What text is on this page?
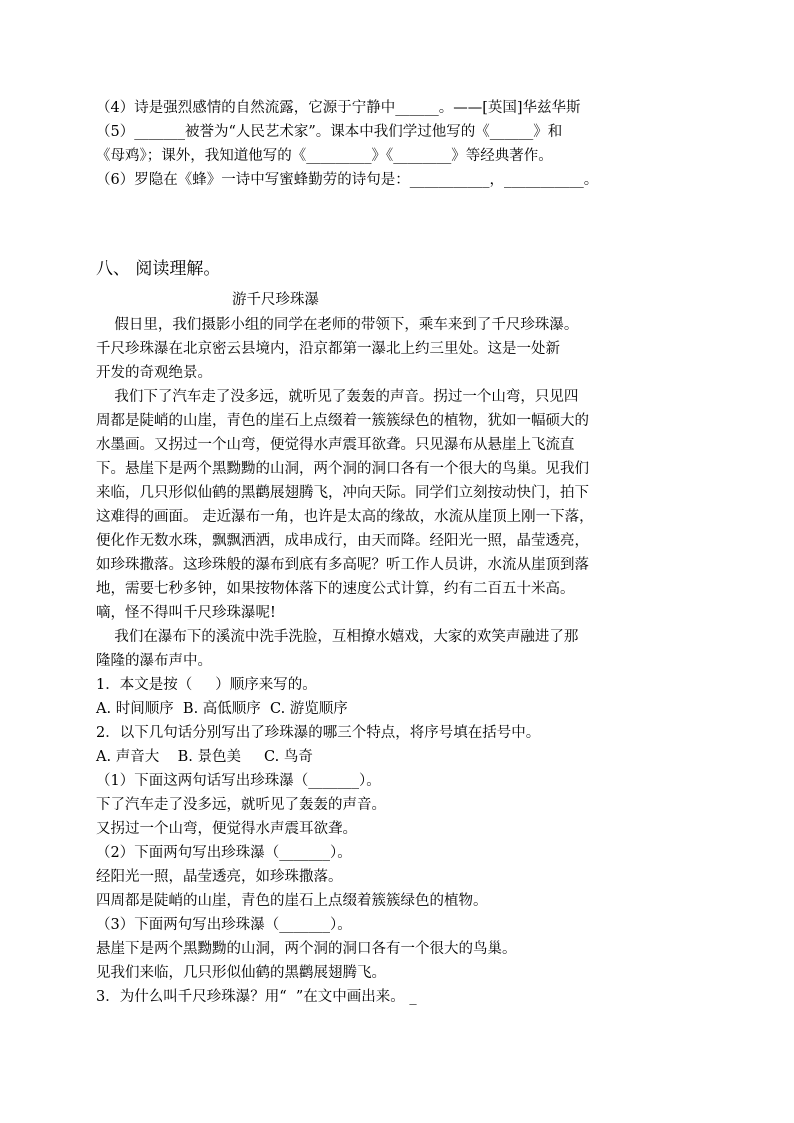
（4）诗是强烈感情的自然流露，它源于宁静中______。——[英国]华兹华斯
（5）_______被誉为“人民艺术家”。课本中我们学过他写的《______》和
《母鸡》；课外，我知道他写的《_________》《________》等经典著作。
（6）罗隐在《蜂》一诗中写蜜蜂勤劳的诗句是：___________，___________。
八、 阅读理解。
游千尺珍珠瀑
假日里，我们摄影小组的同学在老师的带领下，乘车来到了千尺珍珠瀑。
千尺珍珠瀑在北京密云县境内，沿京都第一瀑北上约三里处。这是一处新
开发的奇观绝景。
我们下了汽车走了没多远，就听见了轰轰的声音。拐过一个山弯，只见四
周都是陡峭的山崖，青色的崖石上点缀着一簇簇绿色的植物，犹如一幅硕大的
水墨画。又拐过一个山弯，便觉得水声震耳欲聋。只见瀑布从悬崖上飞流直
下。悬崖下是两个黑黝黝的山洞，两个洞的洞口各有一个很大的鸟巢。见我们
来临，几只形似仙鹤的黑鹳展翅腾飞，冲向天际。同学们立刻按动快门，拍下
这难得的画面。 走近瀑布一角，也许是太高的缘故，水流从崖顶上刚一下落，
便化作无数水珠，飘飘洒洒，成串成行，由天而降。经阳光一照，晶莹透亮，
如珍珠撒落。这珍珠般的瀑布到底有多高呢？听工作人员讲，水流从崖顶到落
地，需要七秒多钟，如果按物体落下的速度公式计算，约有二百五十米高。
嘀，怪不得叫千尺珍珠瀑呢!
我们在瀑布下的溪流中洗手洗脸，互相撩水嬉戏，大家的欢笑声融进了那
隆隆的瀑布声中。
1．本文是按（     ）顺序来写的。
A. 时间顺序  B. 高低顺序  C. 游览顺序
2．以下几句话分别写出了珍珠瀑的哪三个特点，将序号填在括号中。
A. 声音大    B. 景色美     C. 鸟奇
（1）下面这两句话写出珍珠瀑（_______）。
下了汽车走了没多远，就听见了轰轰的声音。
又拐过一个山弯，便觉得水声震耳欲聋。
（2）下面两句写出珍珠瀑（_______）。
经阳光一照，晶莹透亮，如珍珠撒落。
四周都是陡峭的山崖，青色的崖石上点缀着簇簇绿色的植物。
（3）下面两句写出珍珠瀑（_______）。
悬崖下是两个黑黝黝的山洞，两个洞的洞口各有一个很大的鸟巢。
见我们来临，几只形似仙鹤的黑鹳展翅腾飞。
3．为什么叫千尺珍珠瀑？用“  ”在文中画出来。 _
